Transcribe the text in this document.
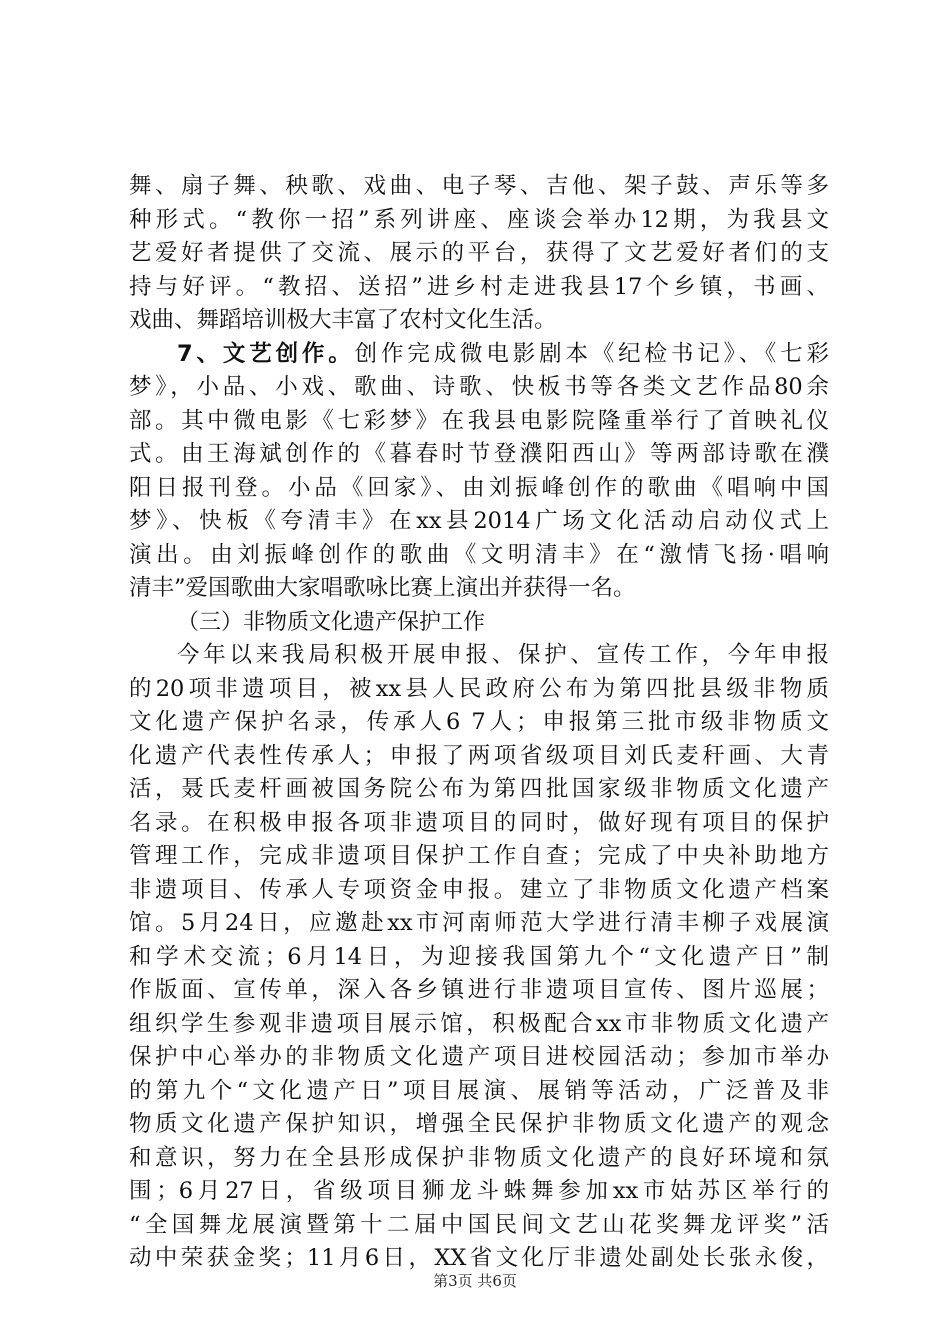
舞、扇子舞、秧歌、戏曲、电子琴、吉他、架子鼓、声乐等多
种形式。“教你一招”系列讲座、座谈会举办12期，为我县文
艺爱好者提供了交流、展示的平台，获得了文艺爱好者们的支
持与好评。“教招、送招”进乡村走进我县17个乡镇，书画、
戏曲、舞蹈培训极大丰富了农村文化生活。
7、文艺创作。创作完成微电影剧本《纪检书记》、《七彩
梦》，小品、小戏、歌曲、诗歌、快板书等各类文艺作品80余
部。其中微电影《七彩梦》在我县电影院隆重举行了首映礼仪
式。由王海斌创作的《暮春时节登濮阳西山》等两部诗歌在濮
阳日报刊登。小品《回家》、由刘振峰创作的歌曲《唱响中国
梦》、快板《夸清丰》在xx县2014广场文化活动启动仪式上
演出。由刘振峰创作的歌曲《文明清丰》在“激情飞扬·唱响
清丰”爱国歌曲大家唱歌咏比赛上演出并获得一名。
（三）非物质文化遗产保护工作
今年以来我局积极开展申报、保护、宣传工作，今年申报
的20项非遗项目，被xx县人民政府公布为第四批县级非物质
文化遗产保护名录，传承人6 7人；申报第三批市级非物质文
化遗产代表性传承人；申报了两项省级项目刘氏麦秆画、大青
活，聂氏麦杆画被国务院公布为第四批国家级非物质文化遗产
名录。在积极申报各项非遗项目的同时，做好现有项目的保护
管理工作，完成非遗项目保护工作自查；完成了中央补助地方
非遗项目、传承人专项资金申报。建立了非物质文化遗产档案
馆。5月24日，应邀赴xx市河南师范大学进行清丰柳子戏展演
和学术交流；6月14日，为迎接我国第九个“文化遗产日”制
作版面、宣传单，深入各乡镇进行非遗项目宣传、图片巡展；
组织学生参观非遗项目展示馆，积极配合xx市非物质文化遗产
保护中心举办的非物质文化遗产项目进校园活动；参加市举办
的第九个“文化遗产日”项目展演、展销等活动，广泛普及非
物质文化遗产保护知识，增强全民保护非物质文化遗产的观念
和意识，努力在全县形成保护非物质文化遗产的良好环境和氛
围；6月27日，省级项目狮龙斗蛛舞参加xx市姑苏区举行的
“全国舞龙展演暨第十二届中国民间文艺山花奖舞龙评奖”活
动中荣获金奖；11月6日，XX省文化厅非遗处副处长张永俊，
第3页 共6页
